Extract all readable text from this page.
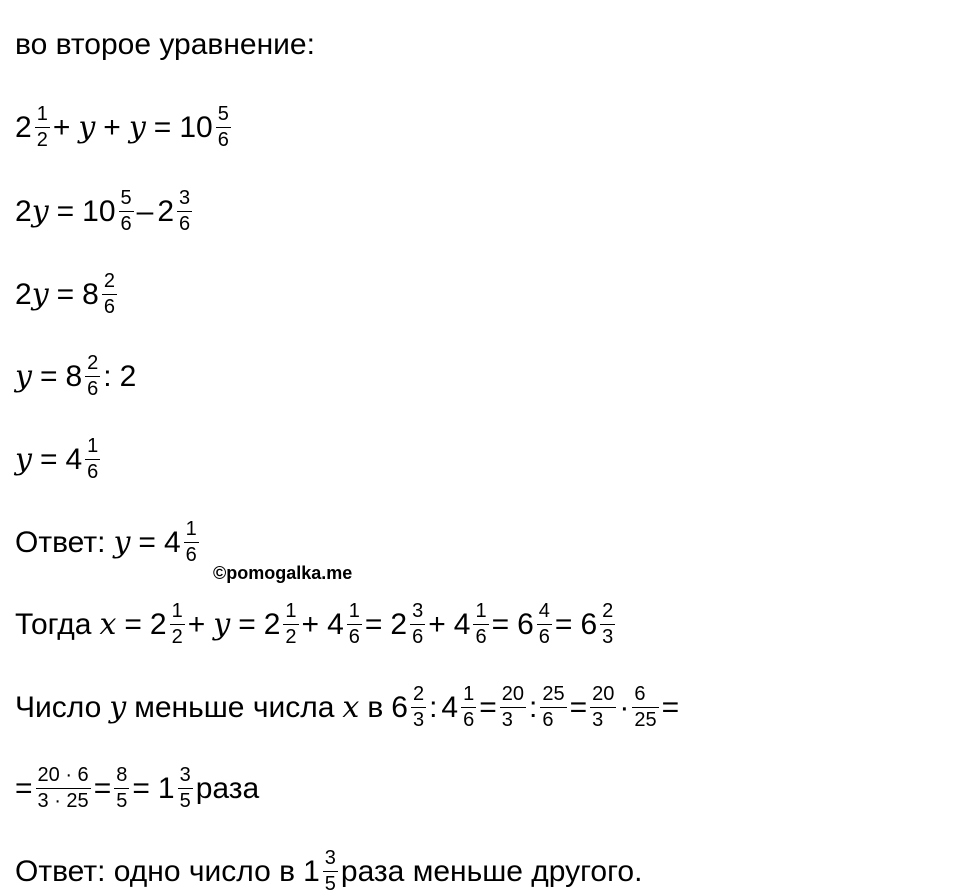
во второе уравнение:
$2 \frac{1}{2} + y + y = 10 \frac{5}{6}$
2 $y = 10 \frac{5}{6} - 2 \frac{3}{6}$
2 $y = 8 \frac{2}{6}$
$y = 8 \frac{2}{6}$ : 2
$y = 4 \frac{1}{6}$
Ответ: $y = 4 \frac{1}{6}$
©pomogalka.me
Тогда $x = 2 \frac{1}{2} + y = 2 \frac{1}{2} + 4 \frac{1}{6} = 2 \frac{3}{6} + 4 \frac{1}{6} = 6 \frac{4}{6} = 6 \frac{2}{3}$
Число y меньше числа x в $6 \frac{2}{3}$ : $4 \frac{1}{6} = \frac{20}{3}$ : $\frac{25}{6} = \frac{20}{3} \cdot \frac{6}{25}$ =
= $\frac{20 \cdot 6}{3 \cdot 25} = \frac{8}{5} = 1 \frac{3}{5}$ раза
Ответ: одно число в $1 \frac{3}{5}$ раза меньше другого.
